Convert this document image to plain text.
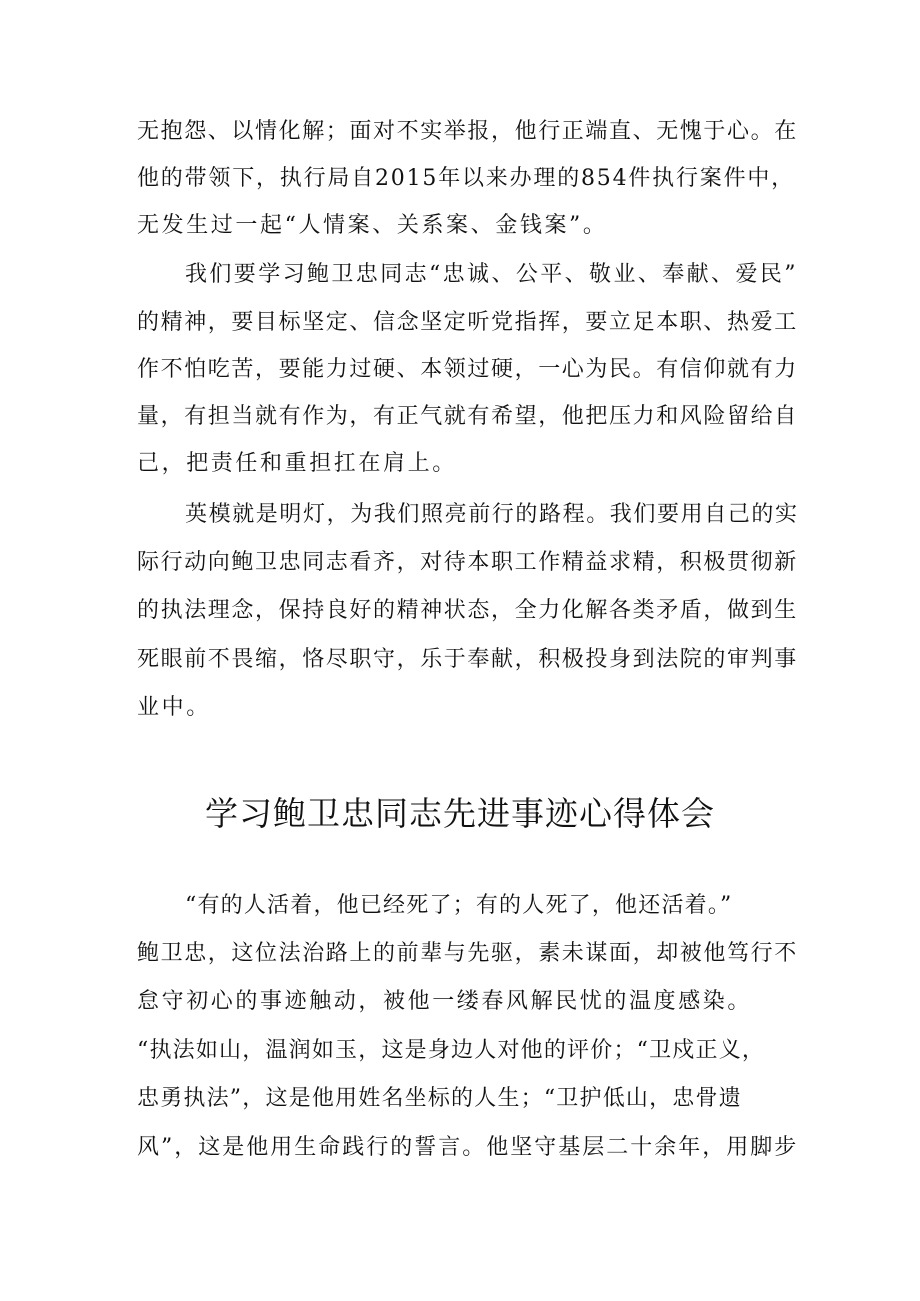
无抱怨、以情化解；面对不实举报，他行正端直、无愧于心。在
他的带领下，执行局自2015年以来办理的854件执行案件中，
无发生过一起“人情案、关系案、金钱案”。
我们要学习鲍卫忠同志“忠诚、公平、敬业、奉献、爱民”
的精神，要目标坚定、信念坚定听党指挥，要立足本职、热爱工
作不怕吃苦，要能力过硬、本领过硬，一心为民。有信仰就有力
量，有担当就有作为，有正气就有希望，他把压力和风险留给自
己，把责任和重担扛在肩上。
英模就是明灯，为我们照亮前行的路程。我们要用自己的实
际行动向鲍卫忠同志看齐，对待本职工作精益求精，积极贯彻新
的执法理念，保持良好的精神状态，全力化解各类矛盾，做到生
死眼前不畏缩，恪尽职守，乐于奉献，积极投身到法院的审判事
业中。
学习鲍卫忠同志先进事迹心得体会
“有的人活着，他已经死了；有的人死了，他还活着。”
鲍卫忠，这位法治路上的前辈与先驱，素未谋面，却被他笃行不
怠守初心的事迹触动，被他一缕春风解民忧的温度感染。
“执法如山，温润如玉，这是身边人对他的评价；“卫戍正义，
忠勇执法”，这是他用姓名坐标的人生；“卫护低山，忠骨遗
风”，这是他用生命践行的誓言。他坚守基层二十余年，用脚步
